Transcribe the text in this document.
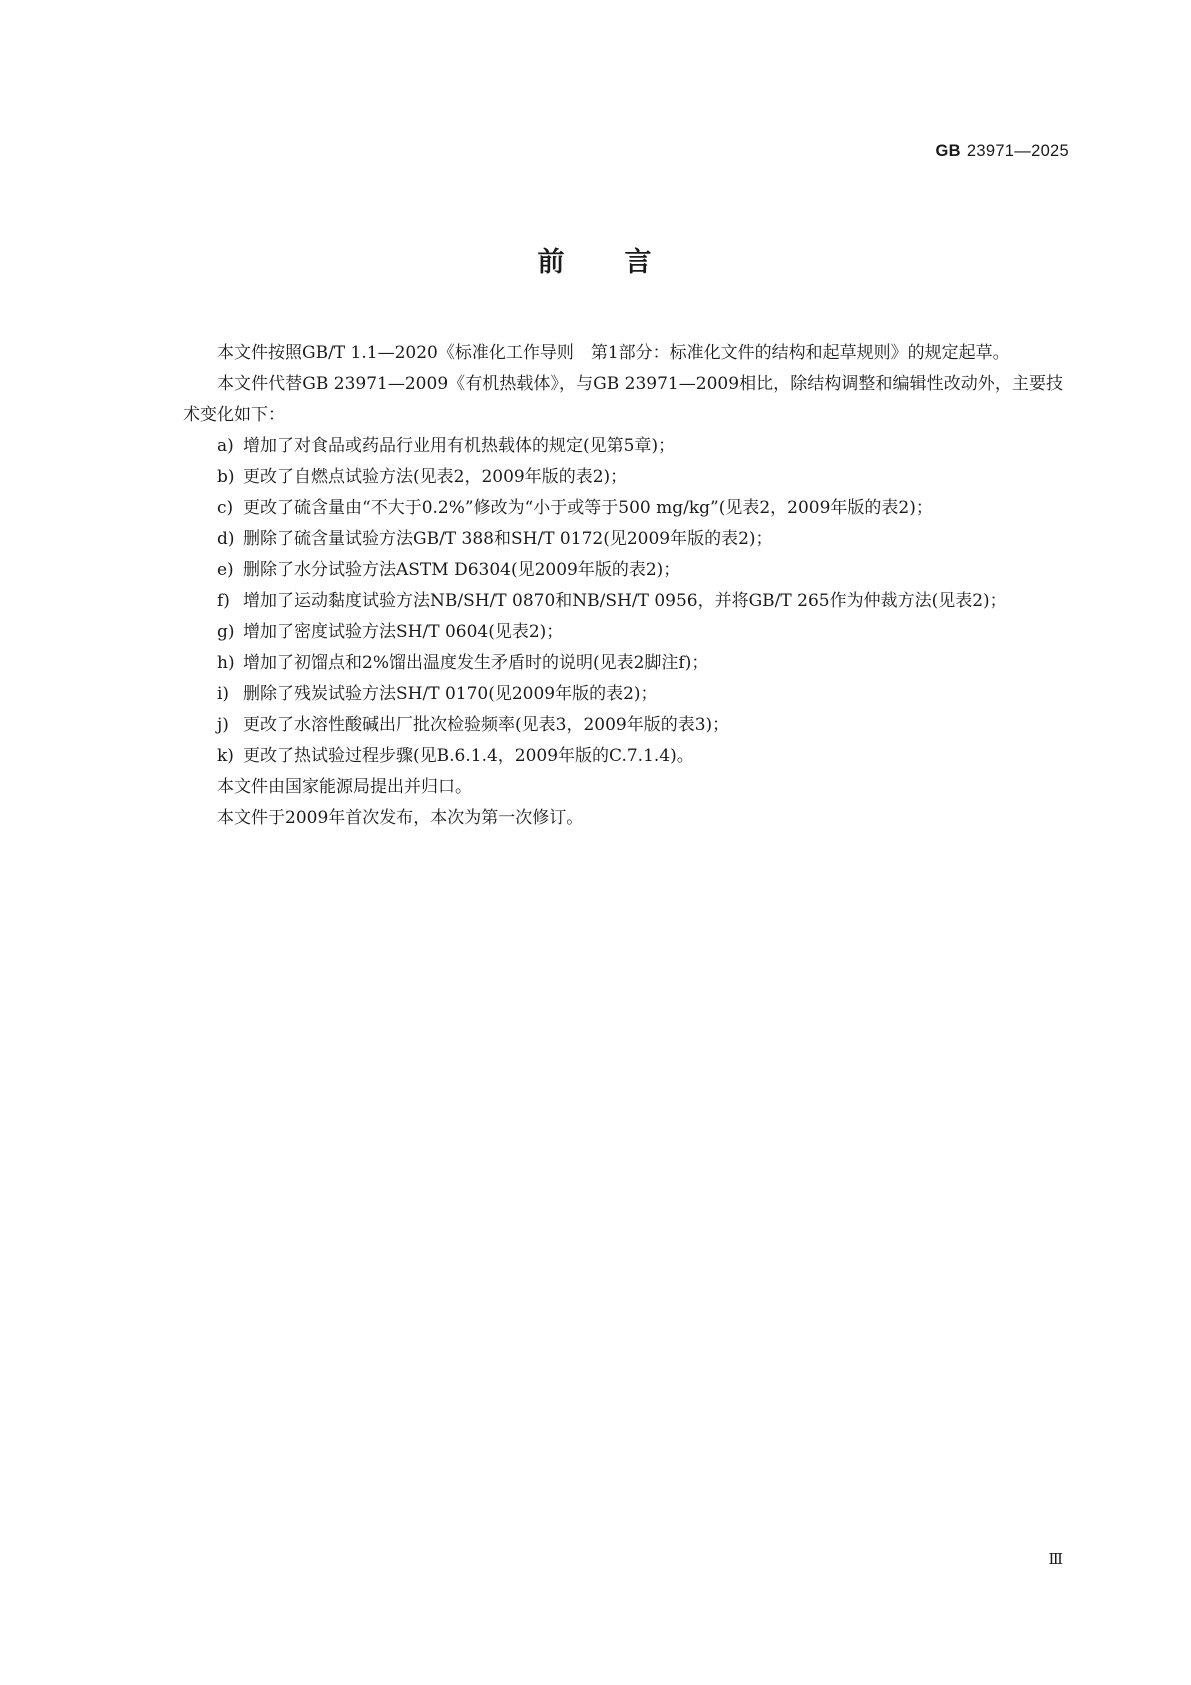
GB 23971—2025
前 言

本文件按照GB/T 1.1—2020《标准化工作导则　第1部分：标准化文件的结构和起草规则》的规定起草。

本文件代替GB 23971—2009《有机热载体》，与GB 23971—2009相比，除结构调整和编辑性改动外，主要技术变化如下：

a) 增加了对食品或药品行业用有机热载体的规定(见第5章)；
b) 更改了自燃点试验方法(见表2，2009年版的表2)；
c) 更改了硫含量由“不大于0.2%”修改为“小于或等于500 mg/kg”(见表2，2009年版的表2)；
d) 删除了硫含量试验方法GB/T 388和SH/T 0172(见2009年版的表2)；
e) 删除了水分试验方法ASTM D6304(见2009年版的表2)；
f) 增加了运动黏度试验方法NB/SH/T 0870和NB/SH/T 0956，并将GB/T 265作为仲裁方法(见表2)；
g) 增加了密度试验方法SH/T 0604(见表2)；
h) 增加了初馏点和2%馏出温度发生矛盾时的说明(见表2脚注f)；
i) 删除了残炭试验方法SH/T 0170(见2009年版的表2)；
j) 更改了水溶性酸碱出厂批次检验频率(见表3，2009年版的表3)；
k) 更改了热试验过程步骤(见B.6.1.4，2009年版的C.7.1.4)。

本文件由国家能源局提出并归口。

本文件于2009年首次发布，本次为第一次修订。

Ⅲ
